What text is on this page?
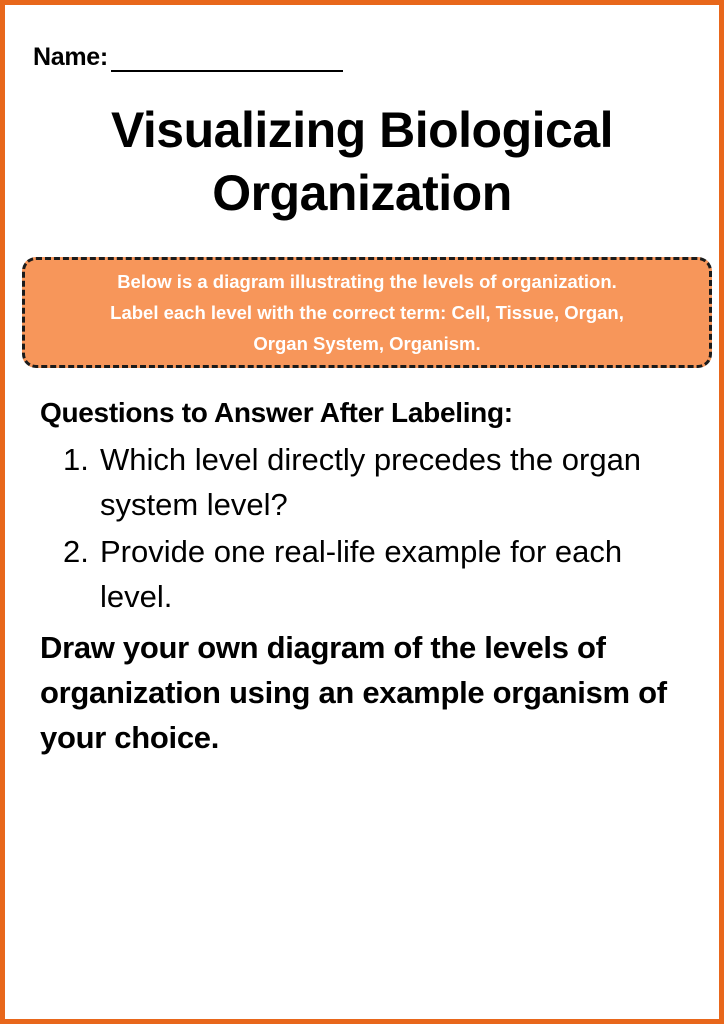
Name:
Visualizing Biological Organization

Below is a diagram illustrating the levels of organization.

Label each level with the correct term: Cell, Tissue, Organ,

Organ System, Organism.

Questions to Answer After Labeling:
1. Which level directly precedes the organ system level?
2. Provide one real-life example for each level.

Draw your own diagram of the levels of organization using an example organism of your choice.
